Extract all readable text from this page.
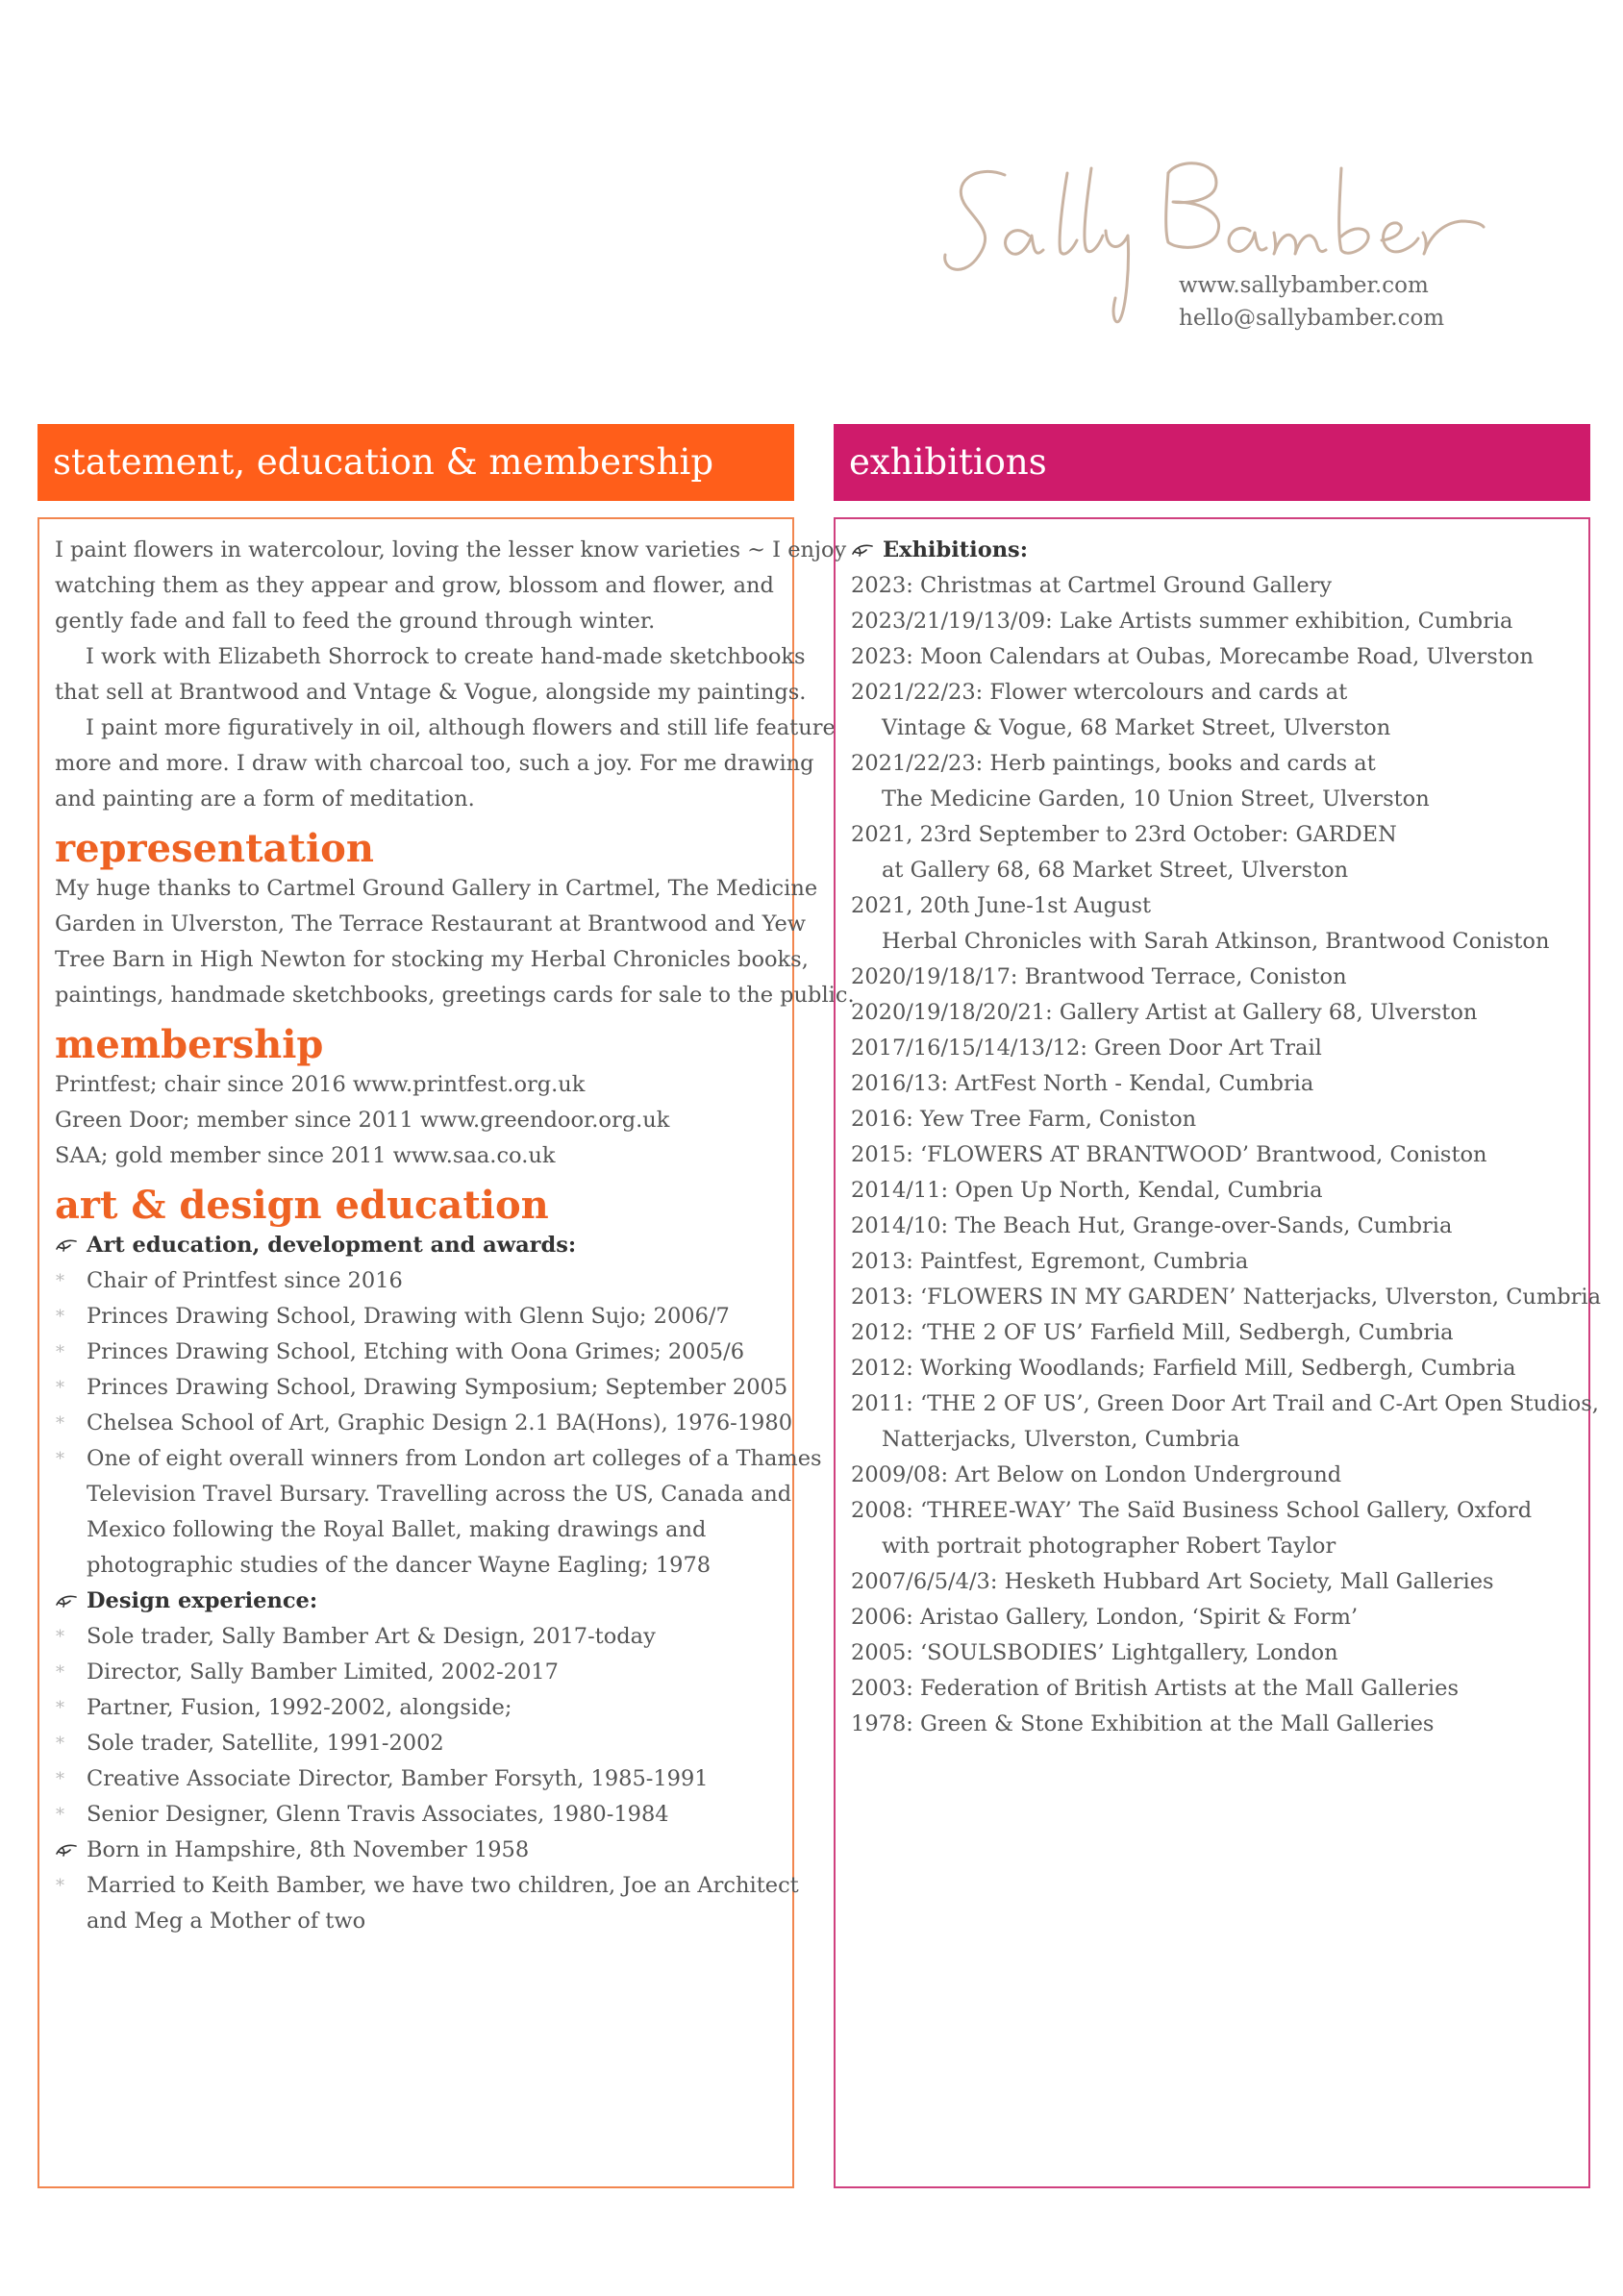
www.sallybamber.com
hello@sallybamber.com
statement, education & membership	exhibitions

I paint flowers in watercolour, loving the lesser know varieties ~ I enjoy
watching them as they appear and grow, blossom and flower, and
gently fade and fall to feed the ground through winter.

I work with Elizabeth Shorrock to create hand-made sketchbooks
that sell at Brantwood and Vntage & Vogue, alongside my paintings.

I paint more figuratively in oil, although flowers and still life feature
more and more. I draw with charcoal too, such a joy. For me drawing
and painting are a form of meditation.

representation
My huge thanks to Cartmel Ground Gallery in Cartmel, The Medicine
Garden in Ulverston, The Terrace Restaurant at Brantwood and Yew
Tree Barn in High Newton for stocking my Herbal Chronicles books,
paintings, handmade sketchbooks, greetings cards for sale to the public.
membership
Printfest; chair since 2016 www.printfest.org.uk
Green Door; member since 2011 www.greendoor.org.uk
SAA; gold member since 2011 www.saa.co.uk
art & design education
Art education, development and awards:
* Chair of Printfest since 2016
* Princes Drawing School, Drawing with Glenn Sujo; 2006/7
* Princes Drawing School, Etching with Oona Grimes; 2005/6
* Princes Drawing School, Drawing Symposium; September 2005
* Chelsea School of Art, Graphic Design 2.1 BA(Hons), 1976-1980
* One of eight overall winners from London art colleges of a Thames
Television Travel Bursary. Travelling across the US, Canada and
Mexico following the Royal Ballet, making drawings and
photographic studies of the dancer Wayne Eagling; 1978
Design experience:
* Sole trader, Sally Bamber Art & Design, 2017-today
* Director, Sally Bamber Limited, 2002-2017
* Partner, Fusion, 1992-2002, alongside;
* Sole trader, Satellite, 1991-2002
* Creative Associate Director, Bamber Forsyth, 1985-1991
* Senior Designer, Glenn Travis Associates, 1980-1984
Born in Hampshire, 8th November 1958
* Married to Keith Bamber, we have two children, Joe an Architect
and Meg a Mother of two
Exhibitions:
2023: Christmas at Cartmel Ground Gallery
2023/21/19/13/09: Lake Artists summer exhibition, Cumbria
2023: Moon Calendars at Oubas, Morecambe Road, Ulverston
2021/22/23: Flower wtercolours and cards at
Vintage & Vogue, 68 Market Street, Ulverston
2021/22/23: Herb paintings, books and cards at
The Medicine Garden, 10 Union Street, Ulverston
2021, 23rd September to 23rd October: GARDEN
at Gallery 68, 68 Market Street, Ulverston
2021, 20th June-1st August
Herbal Chronicles with Sarah Atkinson, Brantwood Coniston
2020/19/18/17: Brantwood Terrace, Coniston
2020/19/18/20/21: Gallery Artist at Gallery 68, Ulverston
2017/16/15/14/13/12: Green Door Art Trail
2016/13: ArtFest North - Kendal, Cumbria
2016: Yew Tree Farm, Coniston
2015: ‘FLOWERS AT BRANTWOOD’ Brantwood, Coniston
2014/11: Open Up North, Kendal, Cumbria
2014/10: The Beach Hut, Grange-over-Sands, Cumbria
2013: Paintfest, Egremont, Cumbria
2013: ‘FLOWERS IN MY GARDEN’ Natterjacks, Ulverston, Cumbria
2012: ‘THE 2 OF US’ Farfield Mill, Sedbergh, Cumbria
2012: Working Woodlands; Farfield Mill, Sedbergh, Cumbria
2011: ‘THE 2 OF US’, Green Door Art Trail and C-Art Open Studios,
Natterjacks, Ulverston, Cumbria
2009/08: Art Below on London Underground
2008: ‘THREE-WAY’ The Saïd Business School Gallery, Oxford
with portrait photographer Robert Taylor
2007/6/5/4/3: Hesketh Hubbard Art Society, Mall Galleries
2006: Aristao Gallery, London, ‘Spirit & Form’
2005: ‘SOULSBODIES’ Lightgallery, London
2003: Federation of British Artists at the Mall Galleries
1978: Green & Stone Exhibition at the Mall Galleries
